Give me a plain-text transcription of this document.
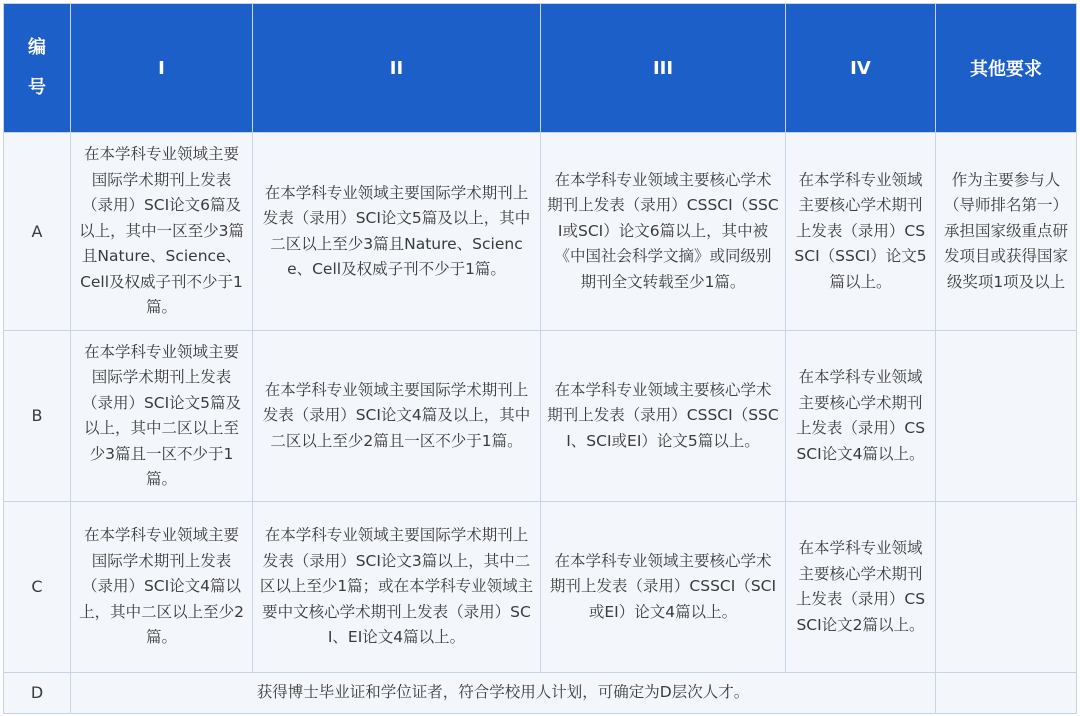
编
号	I	II	III	IV	其他要求
A	在本学科专业领域主要国际学术期刊上发表（录用）SCI论文6篇及以上，其中一区至少3篇且Nature、Science、Cell及权威子刊不少于1篇。	在本学科专业领域主要国际学术期刊上发表（录用）SCI论文5篇及以上，其中二区以上至少3篇且Nature、Science、Cell及权威子刊不少于1篇。	在本学科专业领域主要核心学术期刊上发表（录用）CSSCI（SSCI或SCI）论文6篇以上，其中被《中国社会科学文摘》或同级别期刊全文转载至少1篇。	在本学科专业领域主要核心学术期刊上发表（录用）CSSCI（SSCI）论文5篇以上。	作为主要参与人（导师排名第一）承担国家级重点研发项目或获得国家级奖项1项及以上
B	在本学科专业领域主要国际学术期刊上发表（录用）SCI论文5篇及以上，其中二区以上至少3篇且一区不少于1篇。	在本学科专业领域主要国际学术期刊上发表（录用）SCI论文4篇及以上，其中二区以上至少2篇且一区不少于1篇。	在本学科专业领域主要核心学术期刊上发表（录用）CSSCI（SSCI、SCI或EI）论文5篇以上。	在本学科专业领域主要核心学术期刊上发表（录用）CSSCI论文4篇以上。	
C	在本学科专业领域主要国际学术期刊上发表（录用）SCI论文4篇以上，其中二区以上至少2篇。	在本学科专业领域主要国际学术期刊上发表（录用）SCI论文3篇以上，其中二区以上至少1篇；或在本学科专业领域主要中文核心学术期刊上发表（录用）SCI、EI论文4篇以上。	在本学科专业领域主要核心学术期刊上发表（录用）CSSCI（SCI或EI）论文4篇以上。	在本学科专业领域主要核心学术期刊上发表（录用）CSSCI论文2篇以上。	
D	获得博士毕业证和学位证者，符合学校用人计划，可确定为D层次人才。				
